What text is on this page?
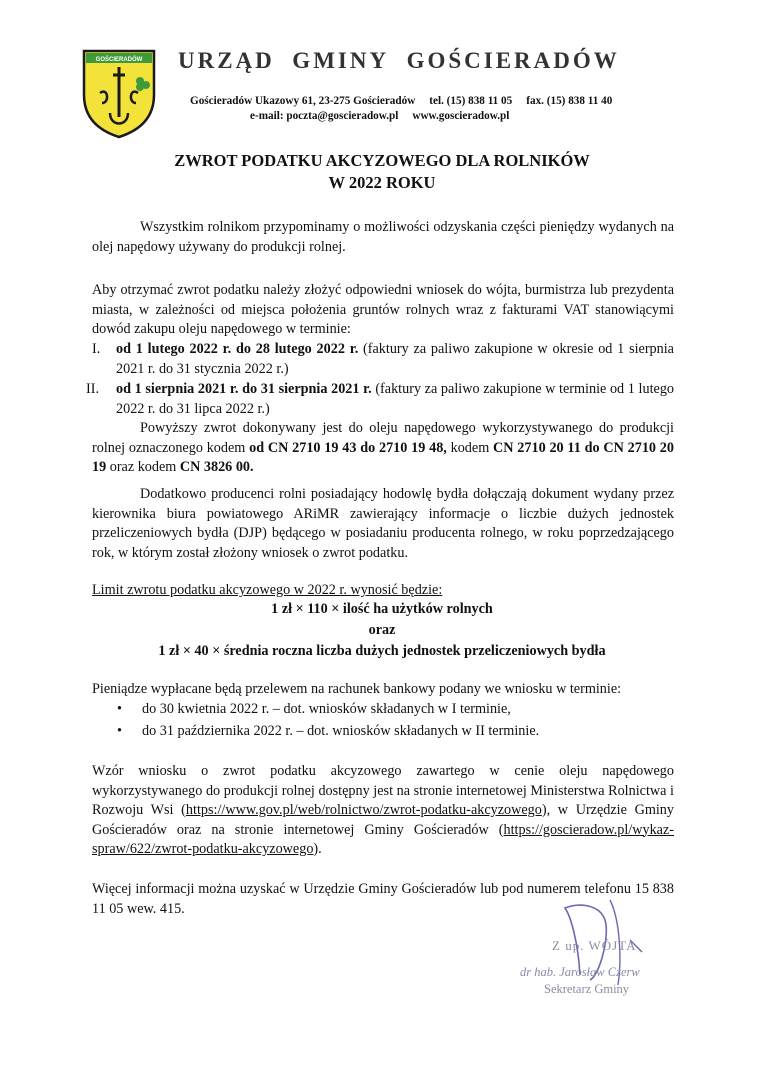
GOŚCIERADÓW URZĄD GMINY GOŚCIERADÓW
Gościeradów Ukazowy 61, 23-275 Gościeradów tel. (15) 838 11 05 fax. (15) 838 11 40
e-mail: poczta@goscieradow.pl www.goscieradow.pl
ZWROT PODATKU AKCYZOWEGO DLA ROLNIKÓW
W 2022 ROKU

Wszystkim rolnikom przypominamy o możliwości odzyskania części pieniędzy wydanych na olej napędowy używany do produkcji rolnej.

Aby otrzymać zwrot podatku należy złożyć odpowiedni wniosek do wójta, burmistrza lub prezydenta miasta, w zależności od miejsca położenia gruntów rolnych wraz z fakturami VAT stanowiącymi dowód zakupu oleju napędowego w terminie:

I. od 1 lutego 2022 r. do 28 lutego 2022 r. (faktury za paliwo zakupione w okresie od 1 sierpnia 2021 r. do 31 stycznia 2022 r.)
II. od 1 sierpnia 2021 r. do 31 sierpnia 2021 r. (faktury za paliwo zakupione w terminie od 1 lutego 2022 r. do 31 lipca 2022 r.)

Powyższy zwrot dokonywany jest do oleju napędowego wykorzystywanego do produkcji rolnej oznaczonego kodem od CN 2710 19 43 do 2710 19 48, kodem CN 2710 20 11 do CN 2710 20 19 oraz kodem CN 3826 00.

Dodatkowo producenci rolni posiadający hodowlę bydła dołączają dokument wydany przez kierownika biura powiatowego ARiMR zawierający informacje o liczbie dużych jednostek przeliczeniowych bydła (DJP) będącego w posiadaniu producenta rolnego, w roku poprzedzającego rok, w którym został złożony wniosek o zwrot podatku.

Limit zwrotu podatku akcyzowego w 2022 r. wynosić będzie:
1 zł × 110 × ilość ha użytków rolnych
oraz
1 zł × 40 × średnia roczna liczba dużych jednostek przeliczeniowych bydła

Pieniądze wypłacane będą przelewem na rachunek bankowy podany we wniosku w terminie:

• do 30 kwietnia 2022 r. – dot. wniosków składanych w I terminie,
• do 31 października 2022 r. – dot. wniosków składanych w II terminie.

Wzór wniosku o zwrot podatku akcyzowego zawartego w cenie oleju napędowego wykorzystywanego do produkcji rolnej dostępny jest na stronie internetowej Ministerstwa Rolnictwa i Rozwoju Wsi (https://www.gov.pl/web/rolnictwo/zwrot-podatku-akcyzowego), w Urzędzie Gminy Gościeradów oraz na stronie internetowej Gminy Gościeradów (https://goscieradow.pl/wykaz-spraw/622/zwrot-podatku-akcyzowego).

Więcej informacji można uzyskać w Urzędzie Gminy Gościeradów lub pod numerem telefonu 15 838 11 05 wew. 415.

Z up. WÓJTA
dr hab. Jarosław Czerw
Sekretarz Gminy
